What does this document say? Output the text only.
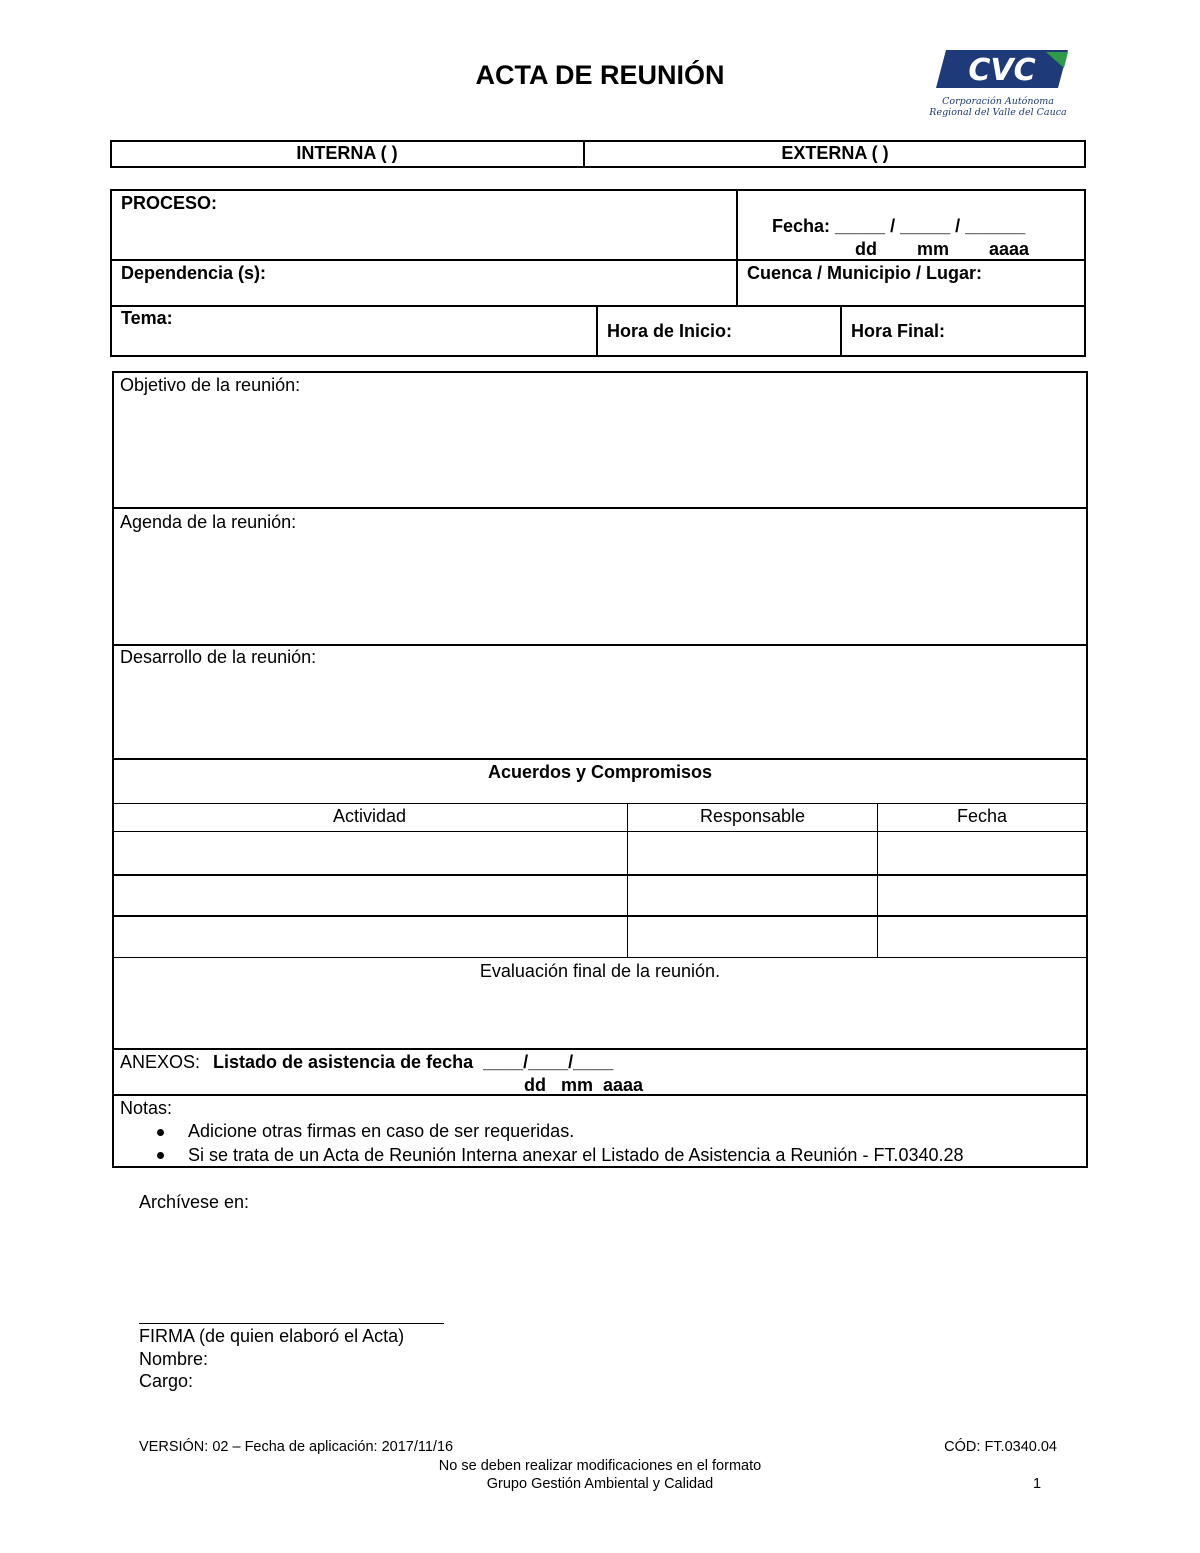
ACTA DE REUNIÓN	CVC
Corporación Autónoma
Regional del Valle del Cauca
INTERNA ( )	EXTERNA ( )
PROCESO:
Fecha: _____ / _____ / ______
dd        mm        aaaa
Dependencia (s):	Cuenca / Municipio / Lugar:
Tema:
Hora de Inicio:	Hora Final:
Objetivo de la reunión:
Agenda de la reunión:
Desarrollo de la reunión:
Acuerdos y Compromisos
Actividad	Responsable	Fecha
Evaluación final de la reunión.
ANEXOS: Listado de asistencia de fecha  ____/____/____
dd   mm  aaaa
Notas:
Adicione otras firmas en caso de ser requeridas.
Si se trata de un Acta de Reunión Interna anexar el Listado de Asistencia a Reunión - FT.0340.28
Archívese en:
FIRMA (de quien elaboró el Acta)
Nombre:
Cargo:
VERSIÓN: 02 – Fecha de aplicación: 2017/11/16	CÓD: FT.0340.04
No se deben realizar modificaciones en el formato
Grupo Gestión Ambiental y Calidad	1
